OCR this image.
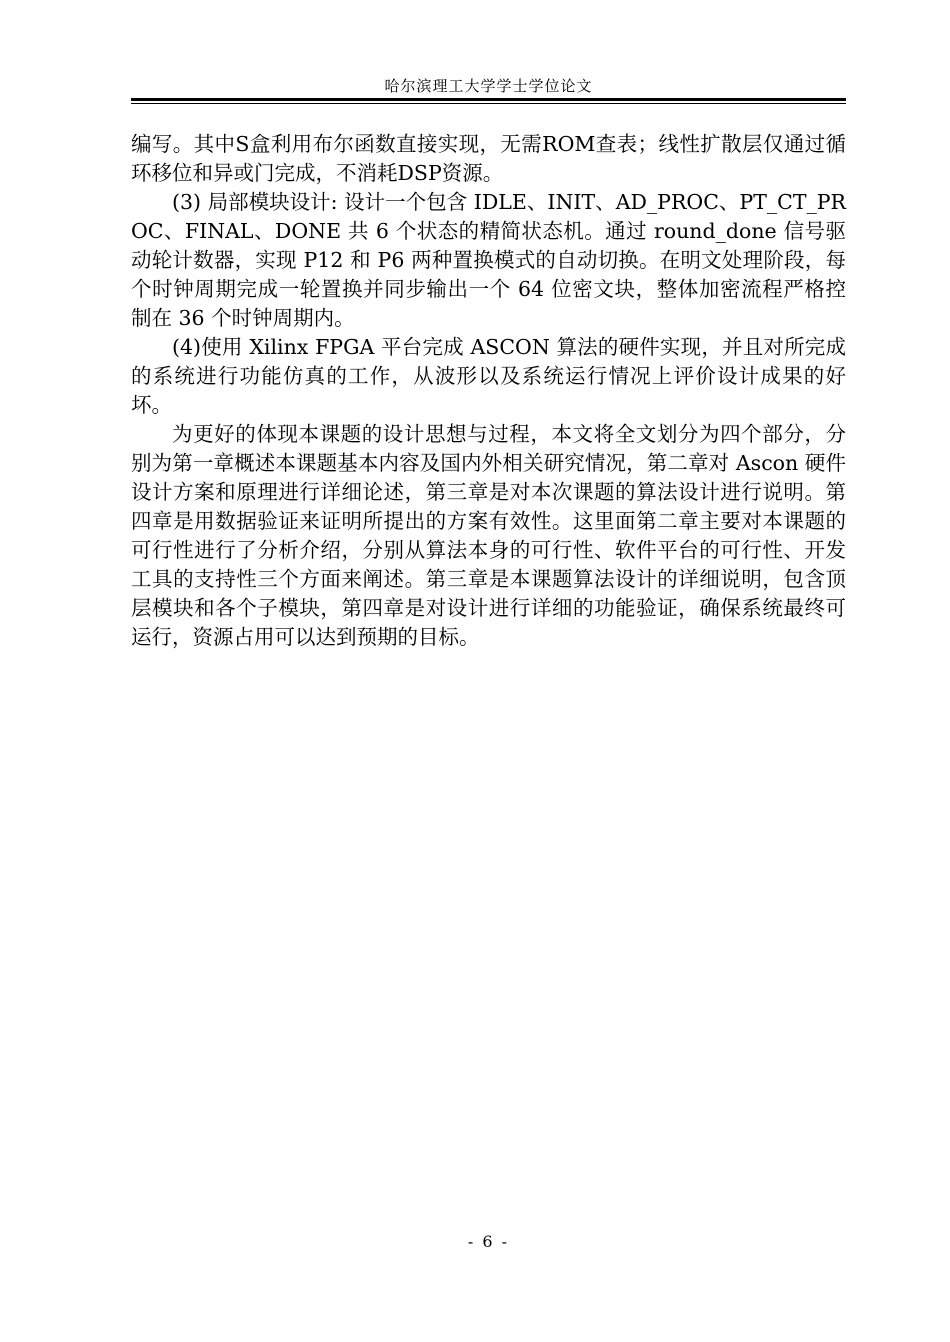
哈尔滨理工大学学士学位论文

编写。其中S盒利用布尔函数直接实现，无需ROM查表；线性扩散层仅通过循环移位和异或门完成，不消耗DSP资源。

(3) 局部模块设计: 设计一个包含 IDLE、INIT、AD_PROC、PT_CT_PROC、FINAL、DONE 共 6 个状态的精简状态机。通过 round_done 信号驱动轮计数器，实现 P12 和 P6 两种置换模式的自动切换。在明文处理阶段，每个时钟周期完成一轮置换并同步输出一个 64 位密文块，整体加密流程严格控制在 36 个时钟周期内。

(4)使用 Xilinx FPGA 平台完成 ASCON 算法的硬件实现，并且对所完成的系统进行功能仿真的工作，从波形以及系统运行情况上评价设计成果的好坏。

为更好的体现本课题的设计思想与过程，本文将全文划分为四个部分，分别为第一章概述本课题基本内容及国内外相关研究情况，第二章对 Ascon 硬件设计方案和原理进行详细论述，第三章是对本次课题的算法设计进行说明。第四章是用数据验证来证明所提出的方案有效性。这里面第二章主要对本课题的可行性进行了分析介绍，分别从算法本身的可行性、软件平台的可行性、开发工具的支持性三个方面来阐述。第三章是本课题算法设计的详细说明，包含顶层模块和各个子模块，第四章是对设计进行详细的功能验证，确保系统最终可运行，资源占用可以达到预期的目标。

- 6 -
